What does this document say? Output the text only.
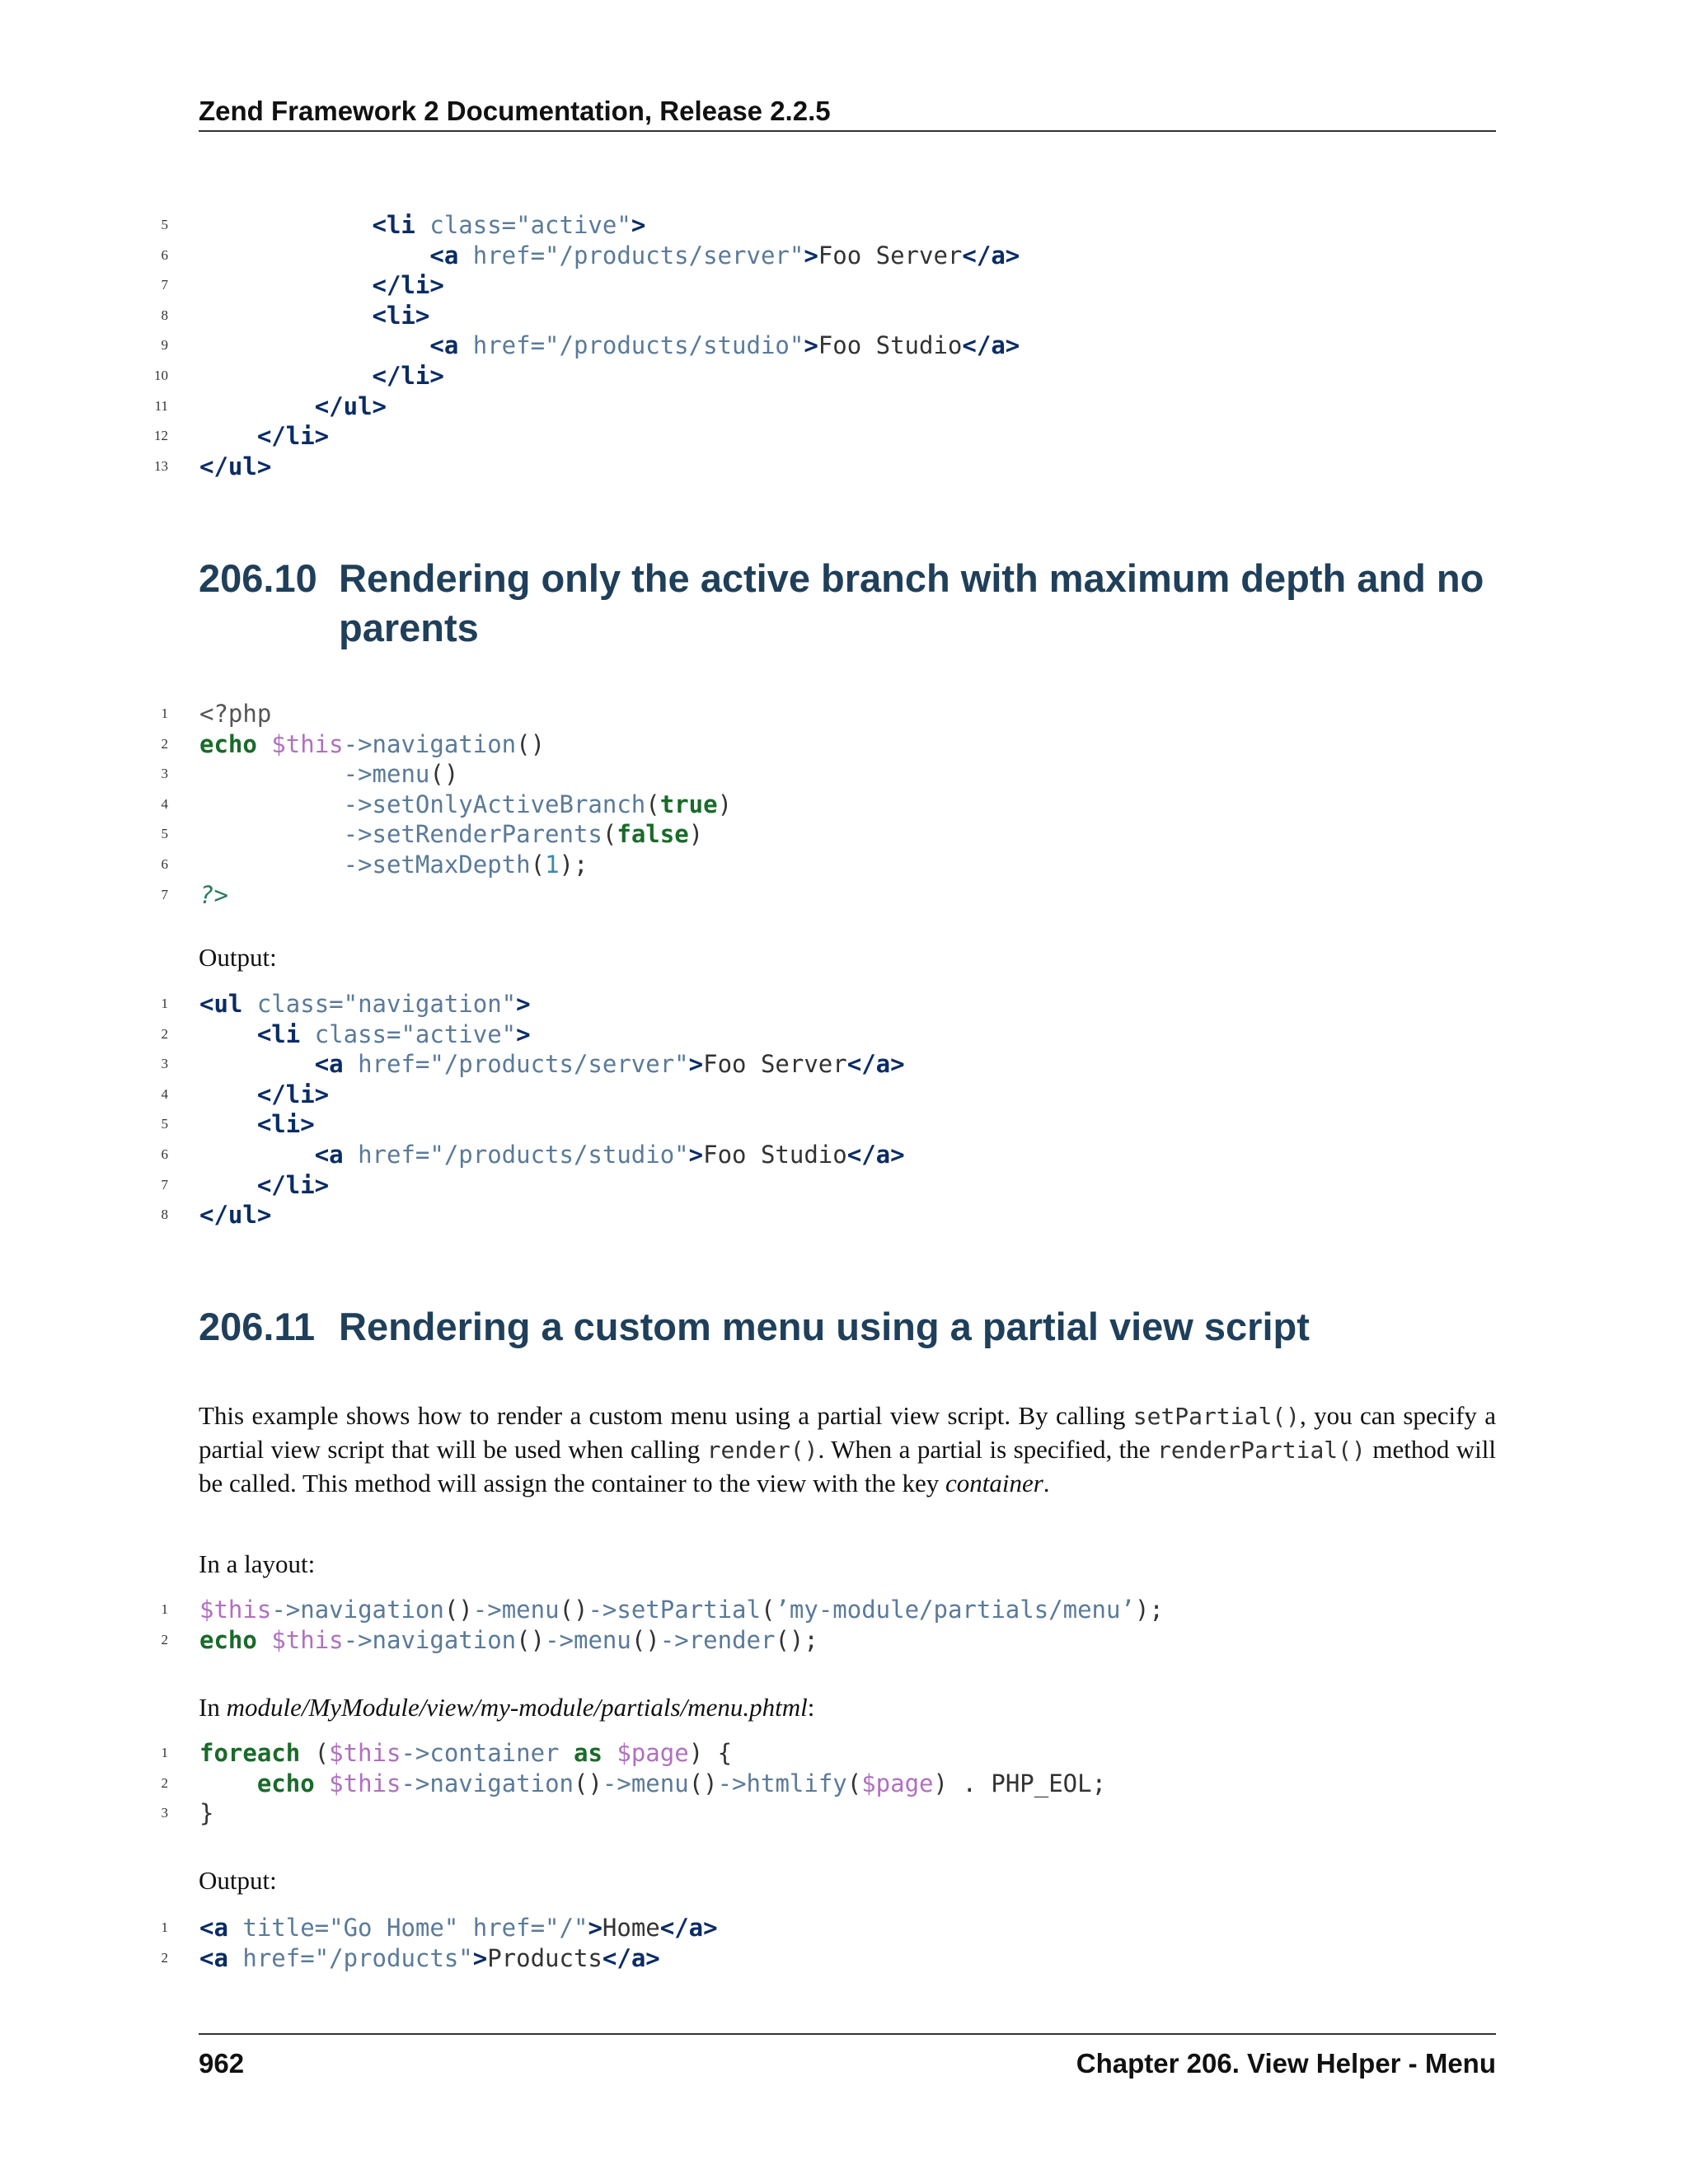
Zend Framework 2 Documentation, Release 2.2.5
5	<li class="active">
6	<a href="/products/server">Foo Server</a>
7	</li>
8	<li>
9	<a href="/products/studio">Foo Studio</a>
10	</li>
11	</ul>
12	</li>
13 </ul>
206.10 Rendering only the active branch with maximum depth and no parents
1 <?php
2 echo $this->navigation()
3	->menu()
4	->setOnlyActiveBranch(true)
5	->setRenderParents(false)
6	->setMaxDepth(1);
7 ?>
Output:
1 <ul class="navigation">
2	<li class="active">
3	<a href="/products/server">Foo Server</a>
4	</li>
5	<li>
6	<a href="/products/studio">Foo Studio</a>
7	</li>
8 </ul>
206.11 Rendering a custom menu using a partial view script
This example shows how to render a custom menu using a partial view script. By calling setPartial(), you can specify a partial view script that will be used when calling render(). When a partial is specified, the renderPartial() method will be called. This method will assign the container to the view with the key container.
In a layout:
1 $this->navigation()->menu()->setPartial(’my-module/partials/menu’);
2 echo $this->navigation()->menu()->render();
In module/MyModule/view/my-module/partials/menu.phtml:
1 foreach ($this->container as $page) {
2	echo $this->navigation()->menu()->htmlify($page) . PHP_EOL;
3 }
Output:
1 <a title="Go Home" href="/">Home</a>
2 <a href="/products">Products</a>
962	Chapter 206. View Helper - Menu
